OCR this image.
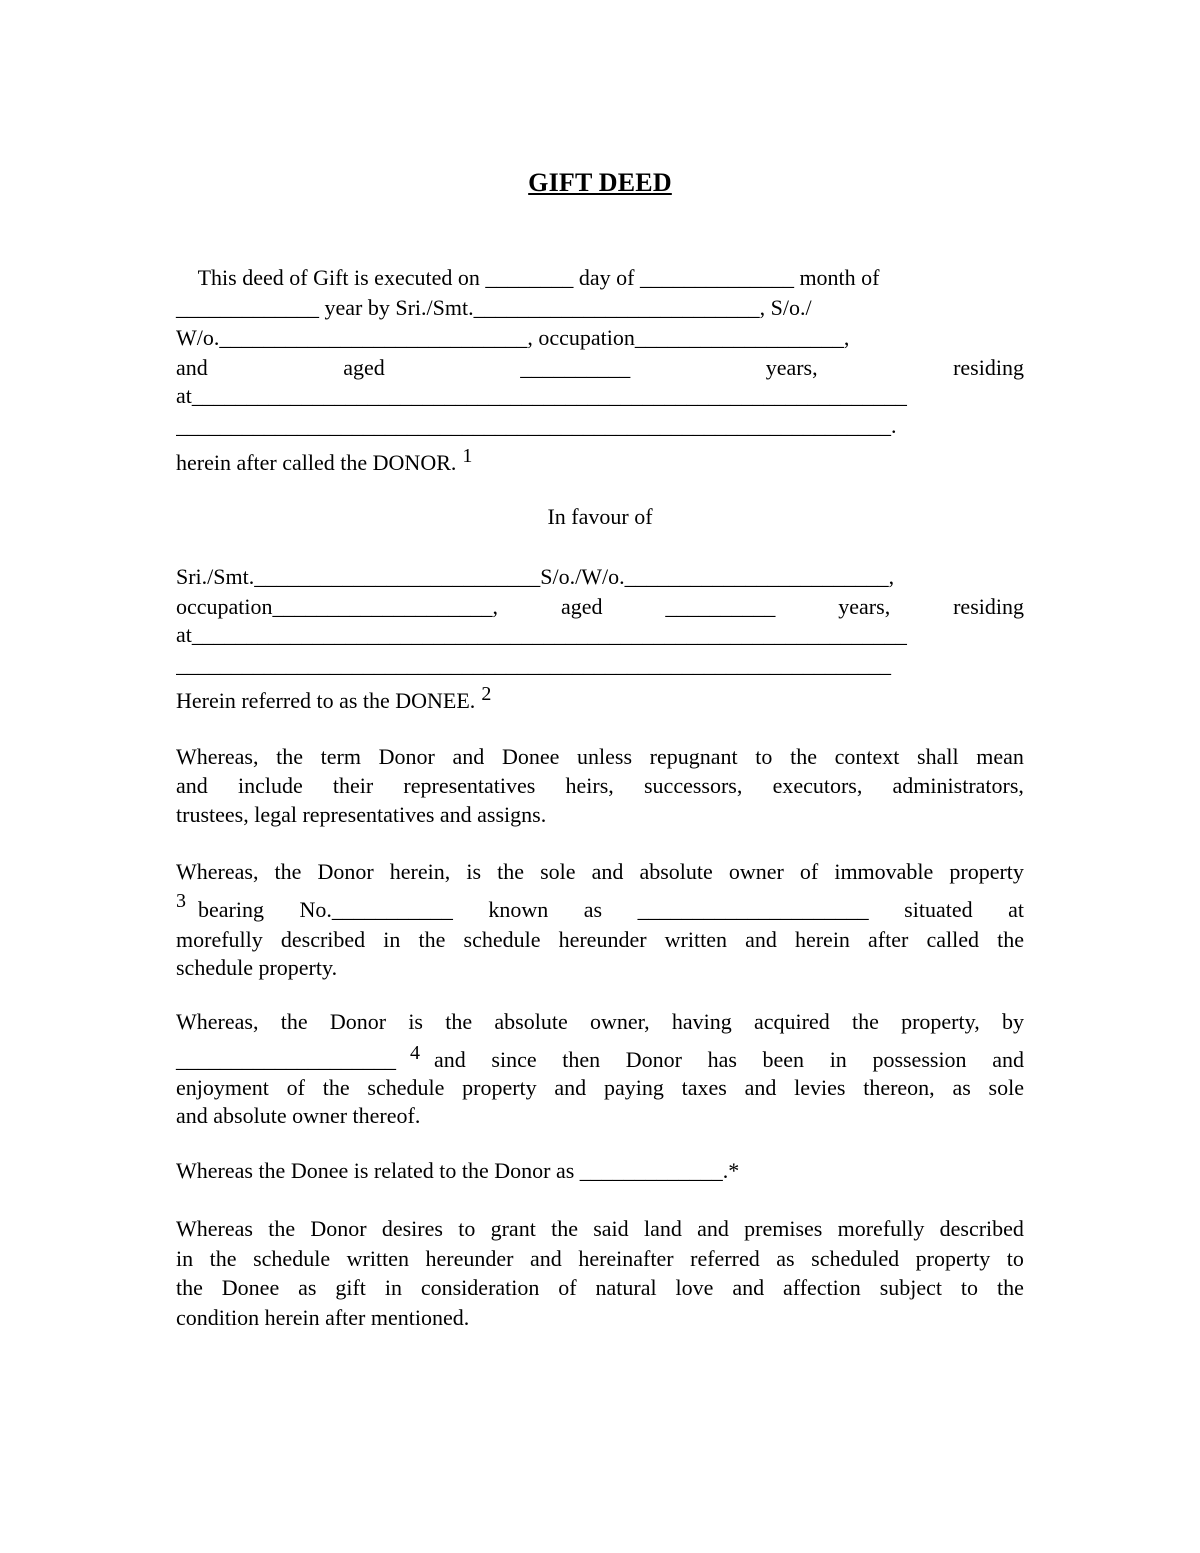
GIFT DEED
This deed of Gift is executed on ________ day of ______________ month of
_____________ year by Sri./Smt.__________________________, S/o./
W/o.____________________________, occupation___________________,
and	aged	__________	years,	residing
at_________________________________________________________________
_________________________________________________________________.
herein after called the DONOR. $^1$
In favour of
Sri./Smt.__________________________S/o./W/o.________________________,
occupation____________________,	aged	__________	years,	residing
at_________________________________________________________________
_________________________________________________________________
Herein referred to as the DONEE. $^2$
Whereas, the term Donor and Donee unless repugnant to the context shall mean
and include their representatives heirs, successors, executors, administrators,
trustees, legal representatives and assigns.
Whereas, the Donor herein, is the sole and absolute owner of immovable property
3 bearing No.___________ known as _____________________ situated at
morefully described in the schedule hereunder written and herein after called the
schedule property.
Whereas, the Donor is the absolute owner, having acquired the property, by
____________________ $^4$ and since then Donor has been in possession and
enjoyment of the schedule property and paying taxes and levies thereon, as sole
and absolute owner thereof.
Whereas the Donee is related to the Donor as _____________.*
Whereas the Donor desires to grant the said land and premises morefully described
in the schedule written hereunder and hereinafter referred as scheduled property to
the Donee as gift in consideration of natural love and affection subject to the
condition herein after mentioned.
